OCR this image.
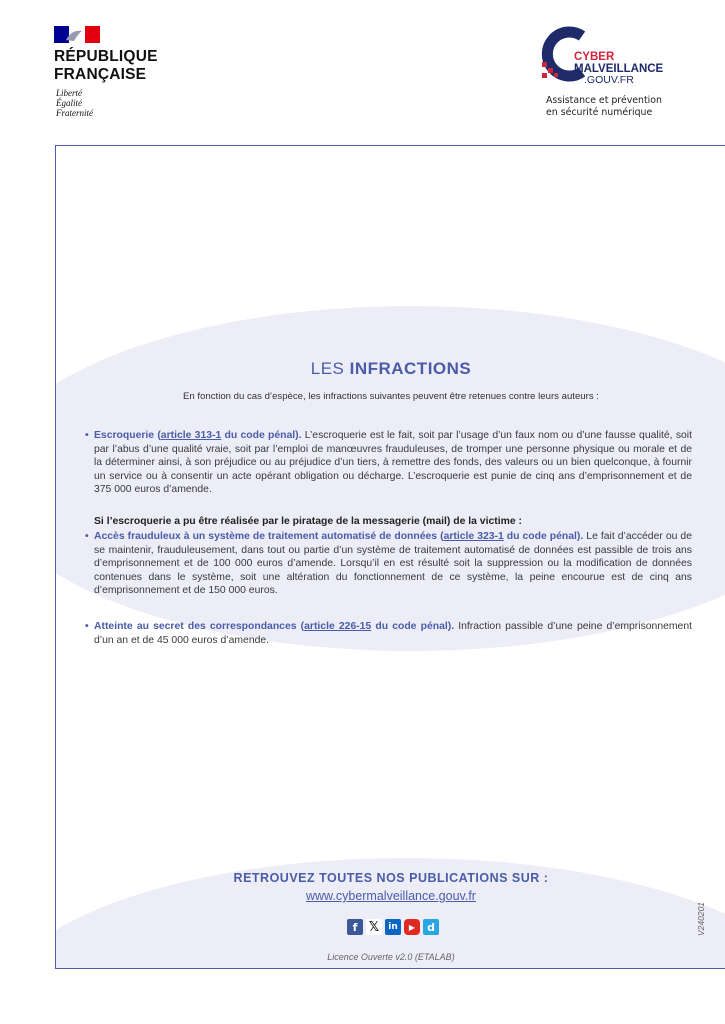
RÉPUBLIQUE
FRANÇAISE
Liberté
Égalité
Fraternité
CYBER
MALVEILLANCE
.GOUV.FR
Assistance et prévention
en sécurité numérique
LES INFRACTIONS
En fonction du cas d’espèce, les infractions suivantes peuvent être retenues contre leurs auteurs :
• Escroquerie (article 313-1 du code pénal). L’escroquerie est le fait, soit par l’usage d’un faux nom ou d’une fausse qualité, soit par l’abus d’une qualité vraie, soit par l’emploi de manœuvres frauduleuses, de tromper une personne physique ou morale et de la déterminer ainsi, à son préjudice ou au préjudice d’un tiers, à remettre des fonds, des valeurs ou un bien quelconque, à fournir un service ou à consentir un acte opérant obligation ou décharge. L’escroquerie est punie de cinq ans d’emprisonnement et de 375 000 euros d’amende.
Si l’escroquerie a pu être réalisée par le piratage de la messagerie (mail) de la victime :
• Accès frauduleux à un système de traitement automatisé de données (article 323-1 du code pénal). Le fait d’accéder ou de se maintenir, frauduleusement, dans tout ou partie d’un système de traitement automatisé de données est passible de trois ans d’emprisonnement et de 100 000 euros d’amende. Lorsqu’il en est résulté soit la suppression ou la modification de données contenues dans le système, soit une altération du fonctionnement de ce système, la peine encourue est de cinq ans d’emprisonnement et de 150 000 euros.
• Atteinte au secret des correspondances (article 226-15 du code pénal). Infraction passible d’une peine d’emprisonnement d’un an et de 45 000 euros d’amende.
RETROUVEZ TOUTES NOS PUBLICATIONS SUR :
www.cybermalveillance.gouv.fr
f 𝕏	in	▶	d
Licence Ouverte v2.0 (ETALAB)
V240201
